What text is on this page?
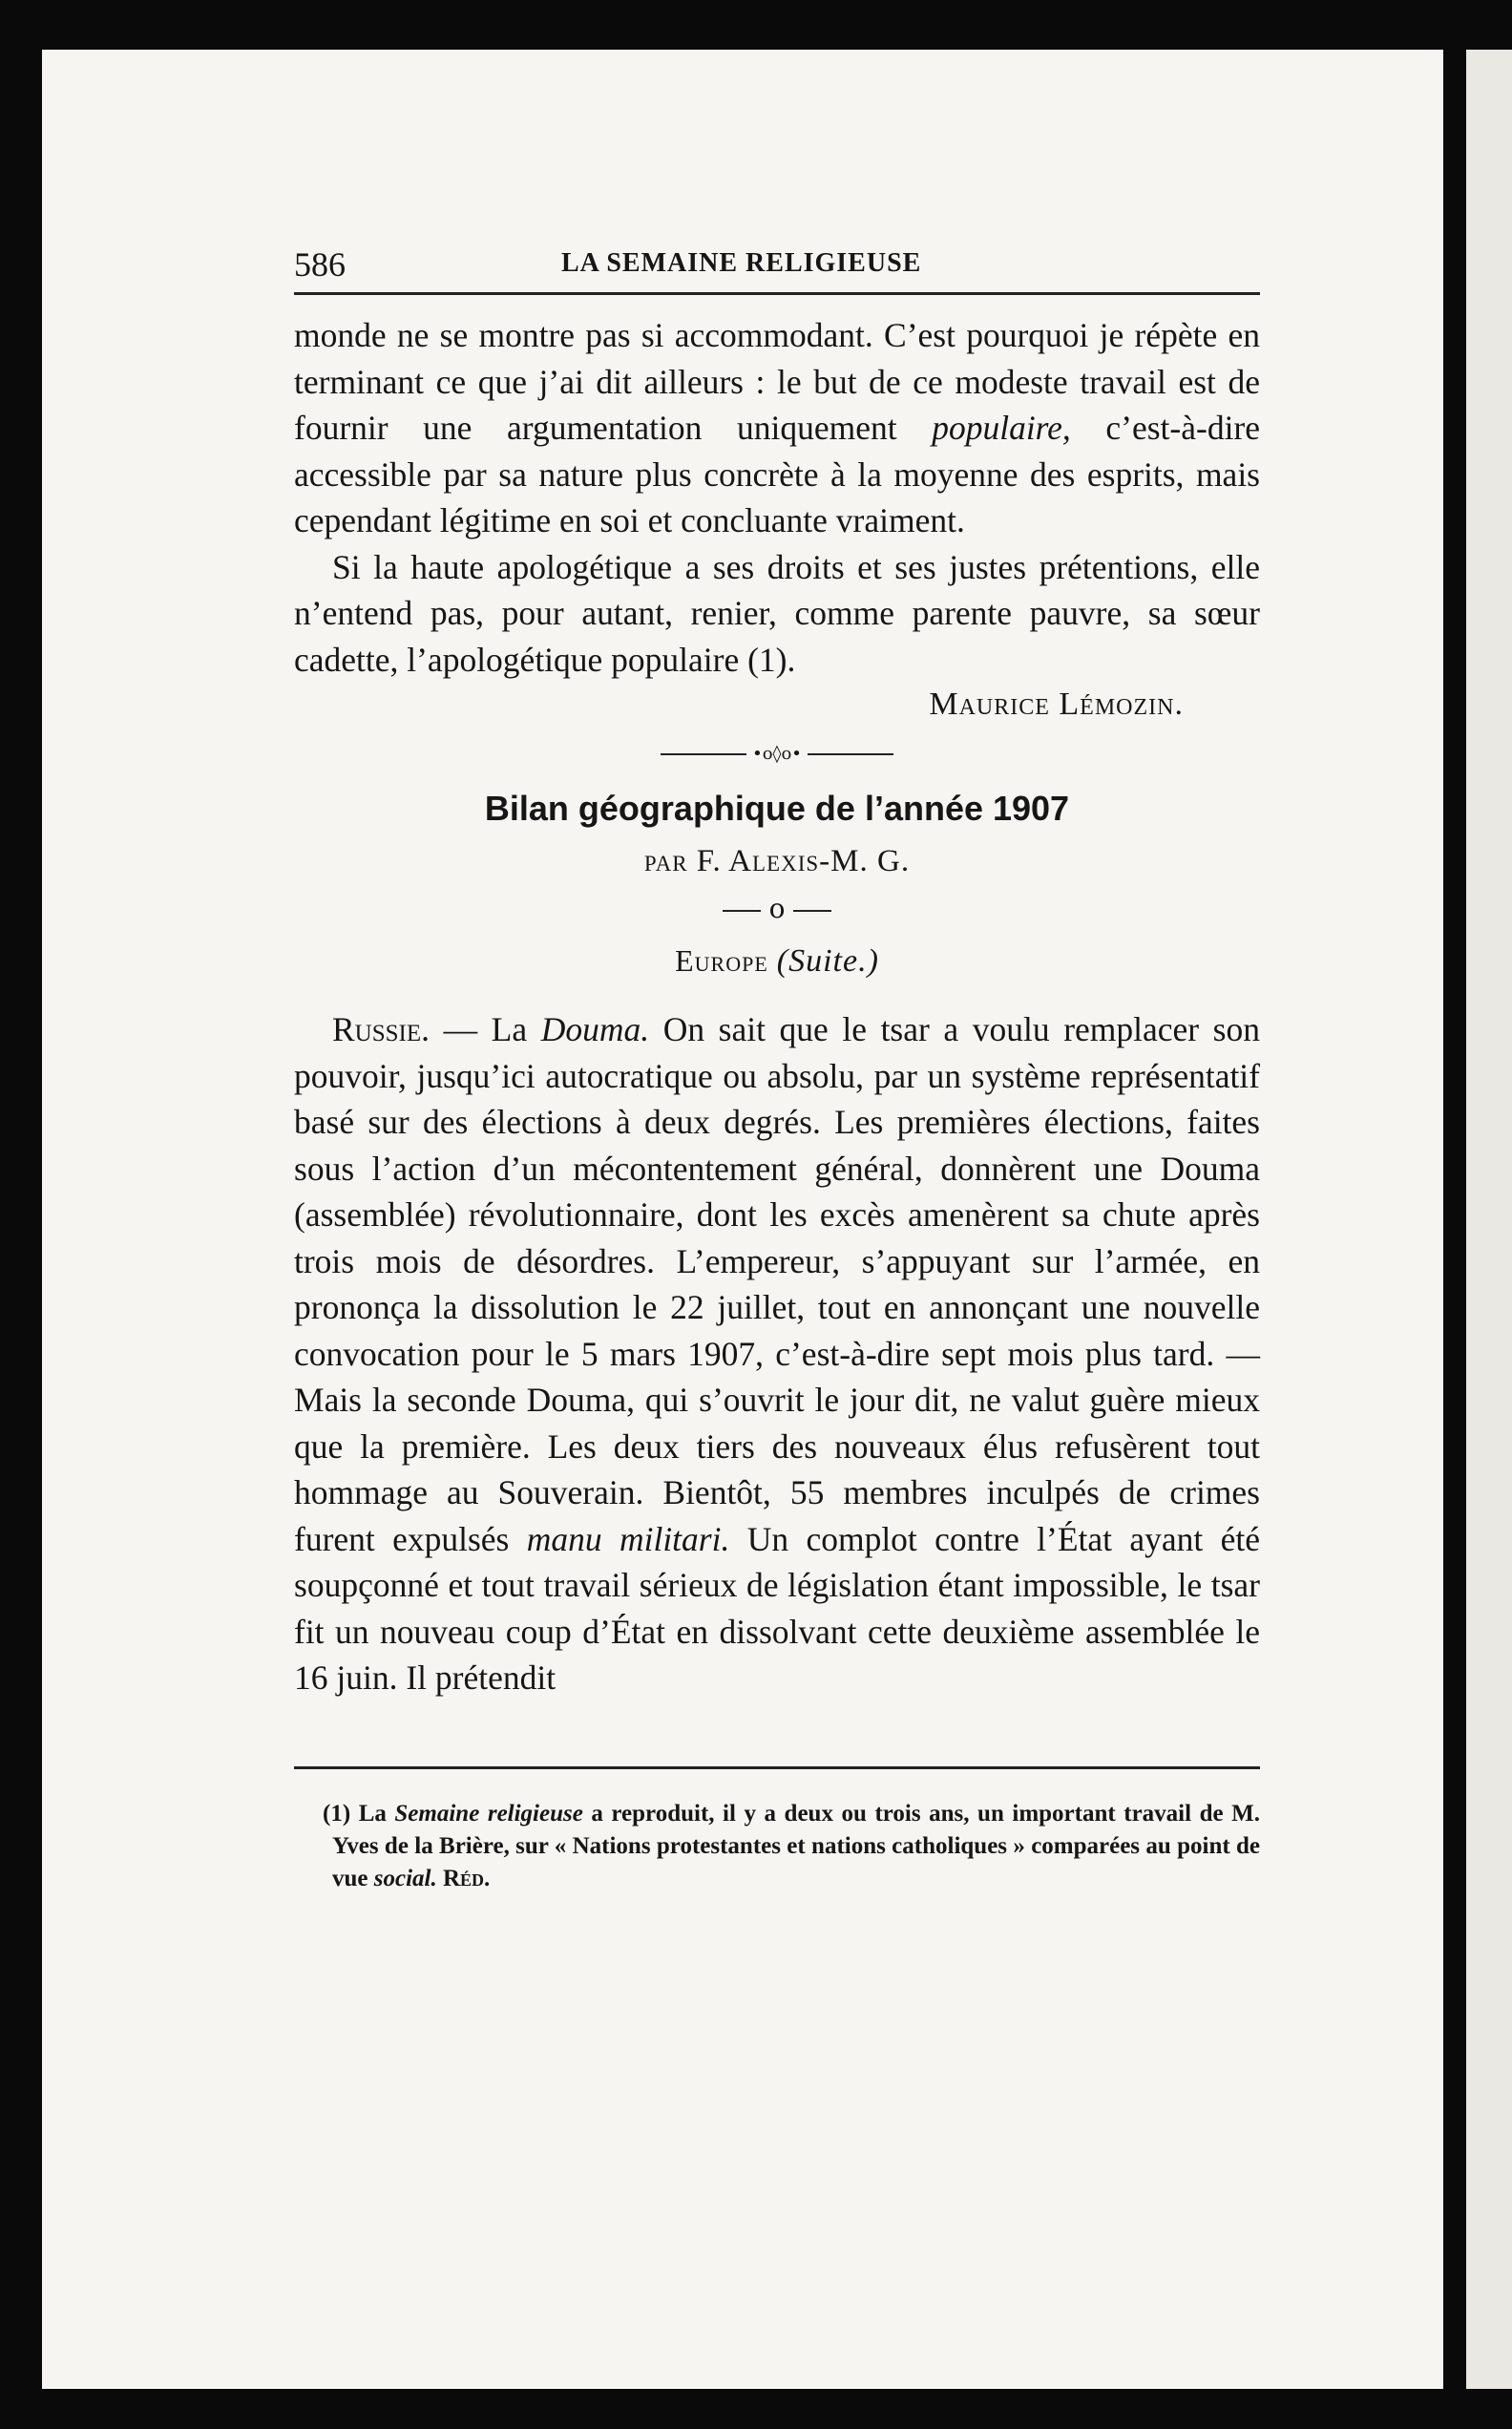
586	LA SEMAINE RELIGIEUSE

monde ne se montre pas si accommodant. C’est pourquoi je répète en terminant ce que j’ai dit ailleurs : le but de ce modeste travail est de fournir une argumentation uniquement populaire, c’est-à-dire accessible par sa nature plus concrète à la moyenne des esprits, mais cependant légitime en soi et concluante vraiment.

Si la haute apologétique a ses droits et ses justes prétentions, elle n’entend pas, pour autant, renier, comme parente pauvre, sa sœur cadette, l’apologétique populaire (1).

Maurice Lémozin.
•o◊o•
Bilan géographique de l’année 1907
par F. Alexis-M. G.
o
Europe (Suite.)

Russie. — La Douma. On sait que le tsar a voulu remplacer son pouvoir, jusqu’ici autocratique ou absolu, par un système représentatif basé sur des élections à deux degrés. Les premières élections, faites sous l’action d’un mécontentement général, donnèrent une Douma (assemblée) révolutionnaire, dont les excès amenèrent sa chute après trois mois de désordres. L’empereur, s’appuyant sur l’armée, en prononça la dissolution le 22 juillet, tout en annonçant une nouvelle convocation pour le 5 mars 1907, c’est-à-dire sept mois plus tard. — Mais la seconde Douma, qui s’ouvrit le jour dit, ne valut guère mieux que la première. Les deux tiers des nouveaux élus refusèrent tout hommage au Souverain. Bientôt, 55 membres inculpés de crimes furent expulsés manu militari. Un complot contre l’État ayant été soupçonné et tout travail sérieux de législation étant impossible, le tsar fit un nouveau coup d’État en dissolvant cette deuxième assemblée le 16 juin. Il prétendit

(1) La Semaine religieuse a reproduit, il y a deux ou trois ans, un important travail de M. Yves de la Brière, sur « Nations protestantes et nations catholiques » comparées au point de vue social. Réd.
